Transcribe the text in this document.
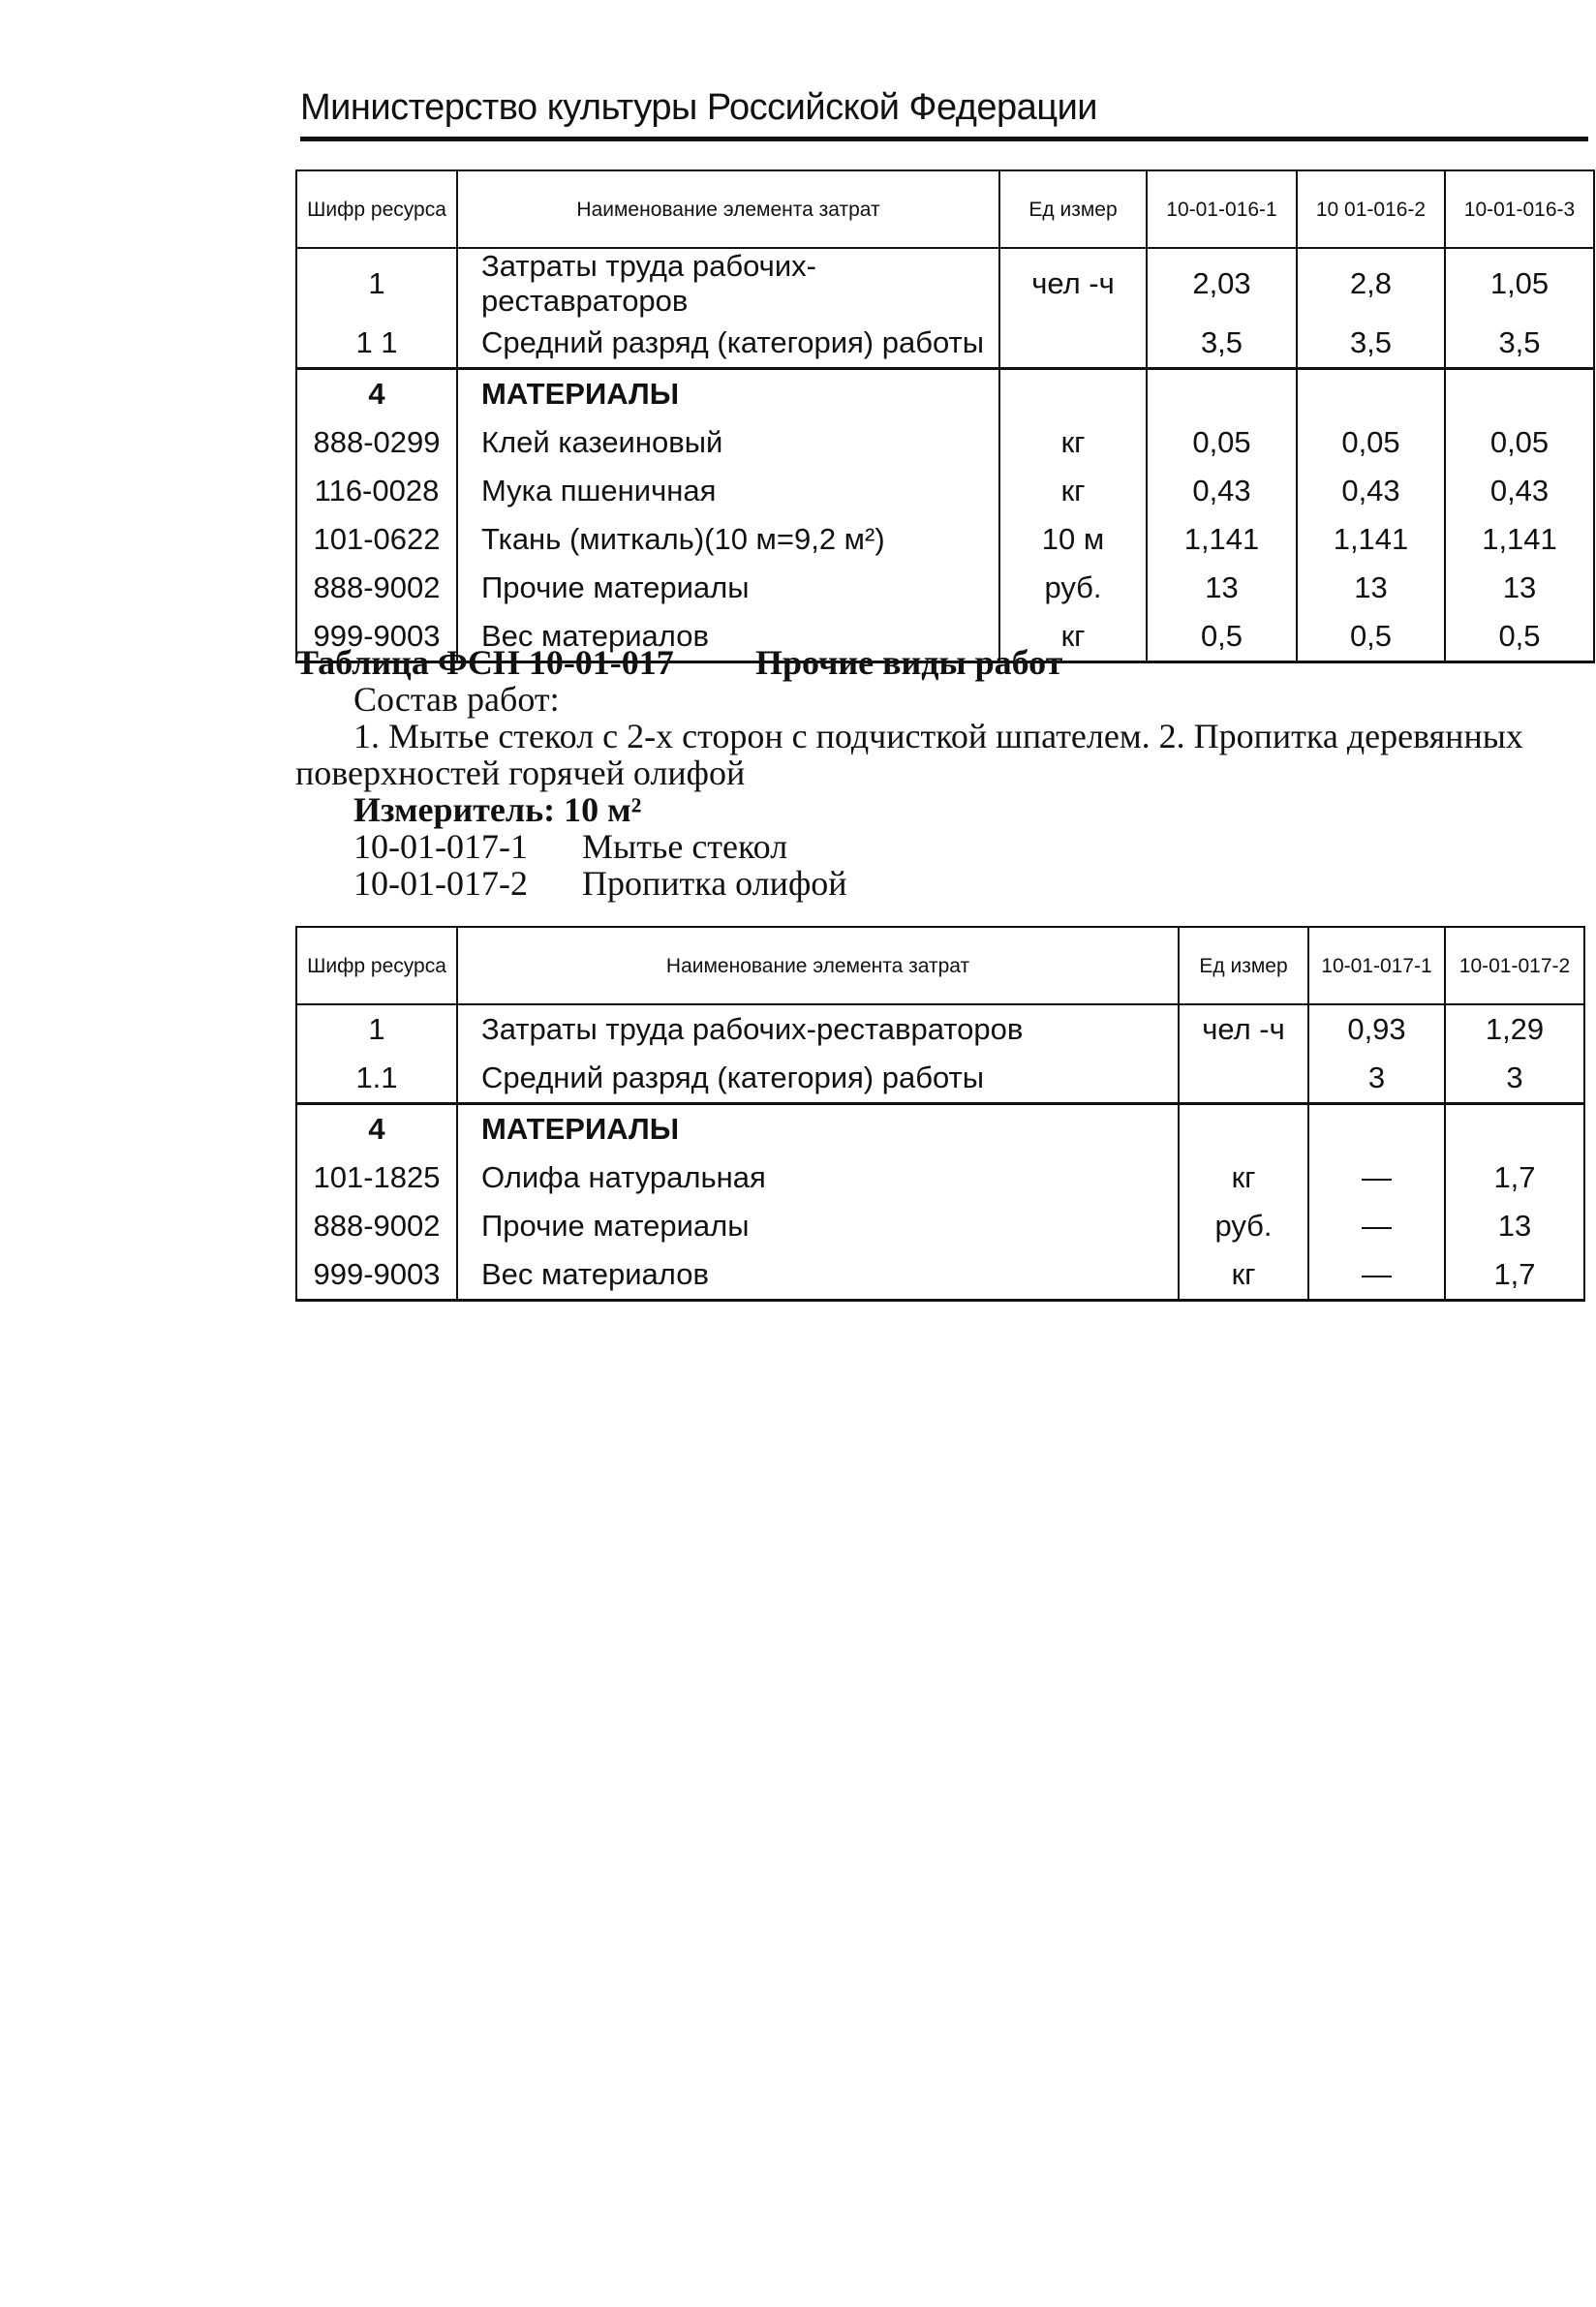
Министерство культуры Российской Федерации
Шифр ресурса	Наименование элемента затрат	Ед измер	10-01-016-1	10 01-016-2	10-01-016-3
1	Затраты труда рабочих-реставраторов	чел -ч	2,03	2,8	1,05
1 1	Средний разряд (категория) работы		3,5	3,5	3,5
4	МАТЕРИАЛЫ				
888-0299	Клей казеиновый	кг	0,05	0,05	0,05
116-0028	Мука пшеничная	кг	0,43	0,43	0,43
101-0622	Ткань (миткаль)(10 м=9,2 м²)	10 м	1,141	1,141	1,141
888-9002	Прочие материалы	руб.	13	13	13
999-9003	Вес материалов	кг	0,5	0,5	0,5
Таблица ФСН 10-01-017 Прочие виды работ
Состав работ:
1. Мытье стекол с 2-х сторон с подчисткой шпателем. 2. Пропитка деревянных поверхностей горячей олифой
Измеритель: 10 м²
10-01-017-1 Мытье стекол
10-01-017-2 Пропитка олифой
Шифр ресурса	Наименование элемента затрат	Ед измер	10-01-017-1	10-01-017-2
1	Затраты труда рабочих-реставраторов	чел -ч	0,93	1,29
1.1	Средний разряд (категория) работы		3	3
4	МАТЕРИАЛЫ			
101-1825	Олифа натуральная	кг	—	1,7
888-9002	Прочие материалы	руб.	—	13
999-9003	Вес материалов	кг	—	1,7
